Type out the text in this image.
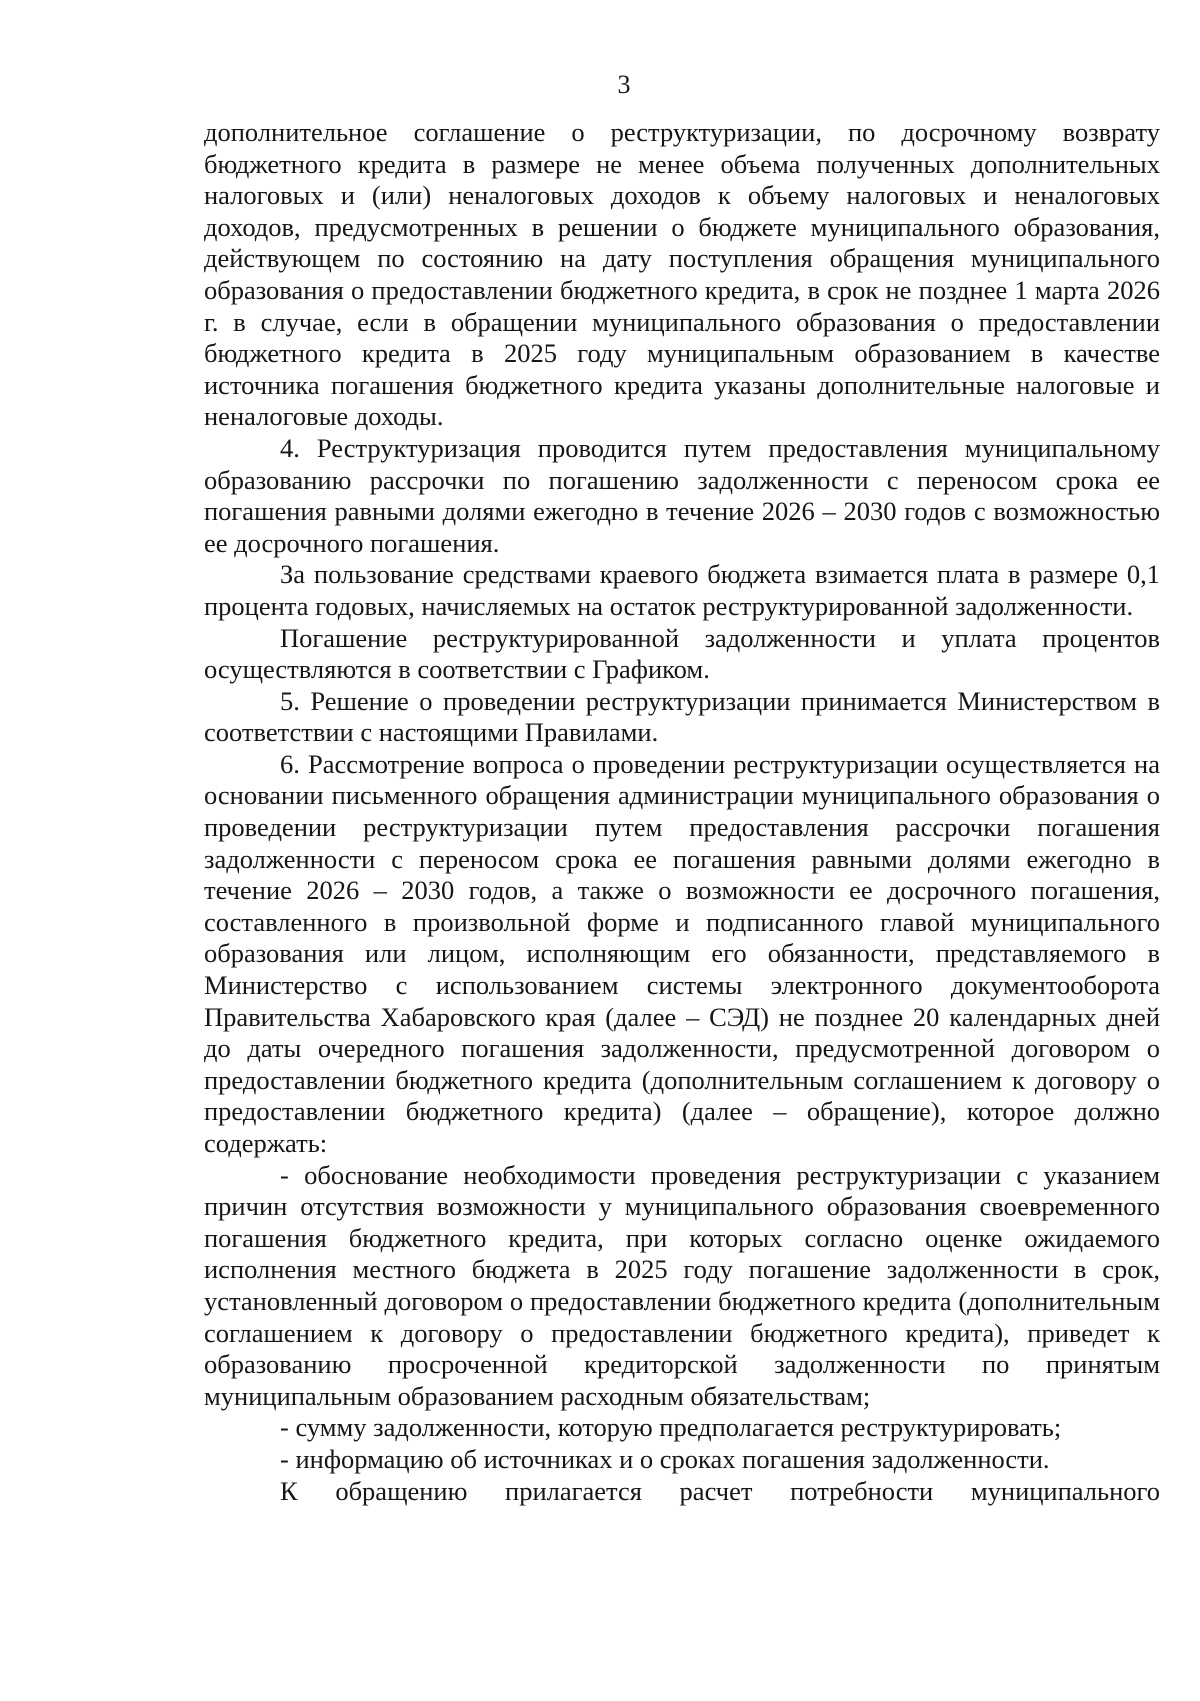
3

дополнительное соглашение о реструктуризации, по досрочному возврату бюджетного кредита в размере не менее объема полученных дополнительных налоговых и (или) неналоговых доходов к объему налоговых и неналоговых доходов, предусмотренных в решении о бюджете муниципального образования, действующем по состоянию на дату поступления обращения муниципального образования о предоставлении бюджетного кредита, в срок не позднее 1 марта 2026 г. в случае, если в обращении муниципального образования о предоставлении бюджетного кредита в 2025 году муниципальным образованием в качестве источника погашения бюджетного кредита указаны дополнительные налоговые и неналоговые доходы.

4. Реструктуризация проводится путем предоставления муниципальному образованию рассрочки по погашению задолженности с переносом срока ее погашения равными долями ежегодно в течение 2026 – 2030 годов с возможностью ее досрочного погашения.

За пользование средствами краевого бюджета взимается плата в размере 0,1 процента годовых, начисляемых на остаток реструктурированной задолженности.

Погашение реструктурированной задолженности и уплата процентов осуществляются в соответствии с Графиком.

5. Решение о проведении реструктуризации принимается Министерством в соответствии с настоящими Правилами.

6. Рассмотрение вопроса о проведении реструктуризации осуществляется на основании письменного обращения администрации муниципального образования о проведении реструктуризации путем предоставления рассрочки погашения задолженности с переносом срока ее погашения равными долями ежегодно в течение 2026 – 2030 годов, а также о возможности ее досрочного погашения, составленного в произвольной форме и подписанного главой муниципального образования или лицом, исполняющим его обязанности, представляемого в Министерство с использованием системы электронного документооборота Правительства Хабаровского края (далее – СЭД) не позднее 20 календарных дней до даты очередного погашения задолженности, предусмотренной договором о предоставлении бюджетного кредита (дополнительным соглашением к договору о предоставлении бюджетного кредита) (далее – обращение), которое должно содержать:

- обоснование необходимости проведения реструктуризации с указанием причин отсутствия возможности у муниципального образования своевременного погашения бюджетного кредита, при которых согласно оценке ожидаемого исполнения местного бюджета в 2025 году погашение задолженности в срок, установленный договором о предоставлении бюджетного кредита (дополнительным соглашением к договору о предоставлении бюджетного кредита), приведет к образованию просроченной кредиторской задолженности по принятым муниципальным образованием расходным обязательствам;

- сумму задолженности, которую предполагается реструктурировать;

- информацию об источниках и о сроках погашения задолженности.

К обращению прилагается расчет потребности муниципального
